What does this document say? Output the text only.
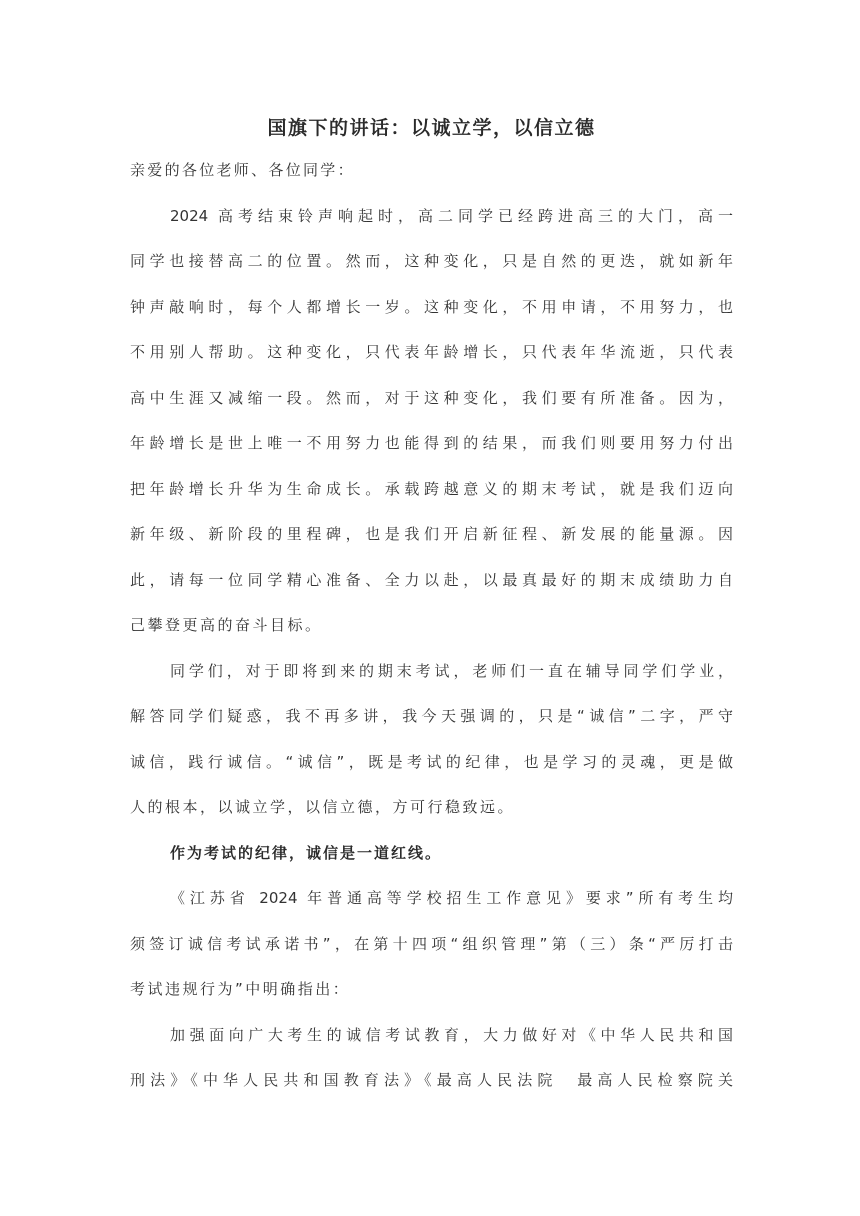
国旗下的讲话：以诚立学，以信立德
亲爱的各位老师、各位同学：
2024 高考结束铃声响起时，高二同学已经跨进高三的大门，高一
同学也接替高二的位置。然而，这种变化，只是自然的更迭，就如新年
钟声敲响时，每个人都增长一岁。这种变化，不用申请，不用努力，也
不用别人帮助。这种变化，只代表年龄增长，只代表年华流逝，只代表
高中生涯又减缩一段。然而，对于这种变化，我们要有所准备。因为，
年龄增长是世上唯一不用努力也能得到的结果，而我们则要用努力付出
把年龄增长升华为生命成长。承载跨越意义的期末考试，就是我们迈向
新年级、新阶段的里程碑，也是我们开启新征程、新发展的能量源。因
此，请每一位同学精心准备、全力以赴，以最真最好的期末成绩助力自
己攀登更高的奋斗目标。
同学们，对于即将到来的期末考试，老师们一直在辅导同学们学业，
解答同学们疑惑，我不再多讲，我今天强调的，只是“诚信”二字，严守
诚信，践行诚信。“诚信”，既是考试的纪律，也是学习的灵魂，更是做
人的根本，以诚立学，以信立德，方可行稳致远。
作为考试的纪律，诚信是一道红线。
《江苏省 2024 年普通高等学校招生工作意见》要求”所有考生均
须签订诚信考试承诺书”，在第十四项“组织管理”第（三）条“严厉打击
考试违规行为”中明确指出：
加强面向广大考生的诚信考试教育，大力做好对《中华人民共和国
刑法》《中华人民共和国教育法》《最高人民法院  最高人民检察院关
